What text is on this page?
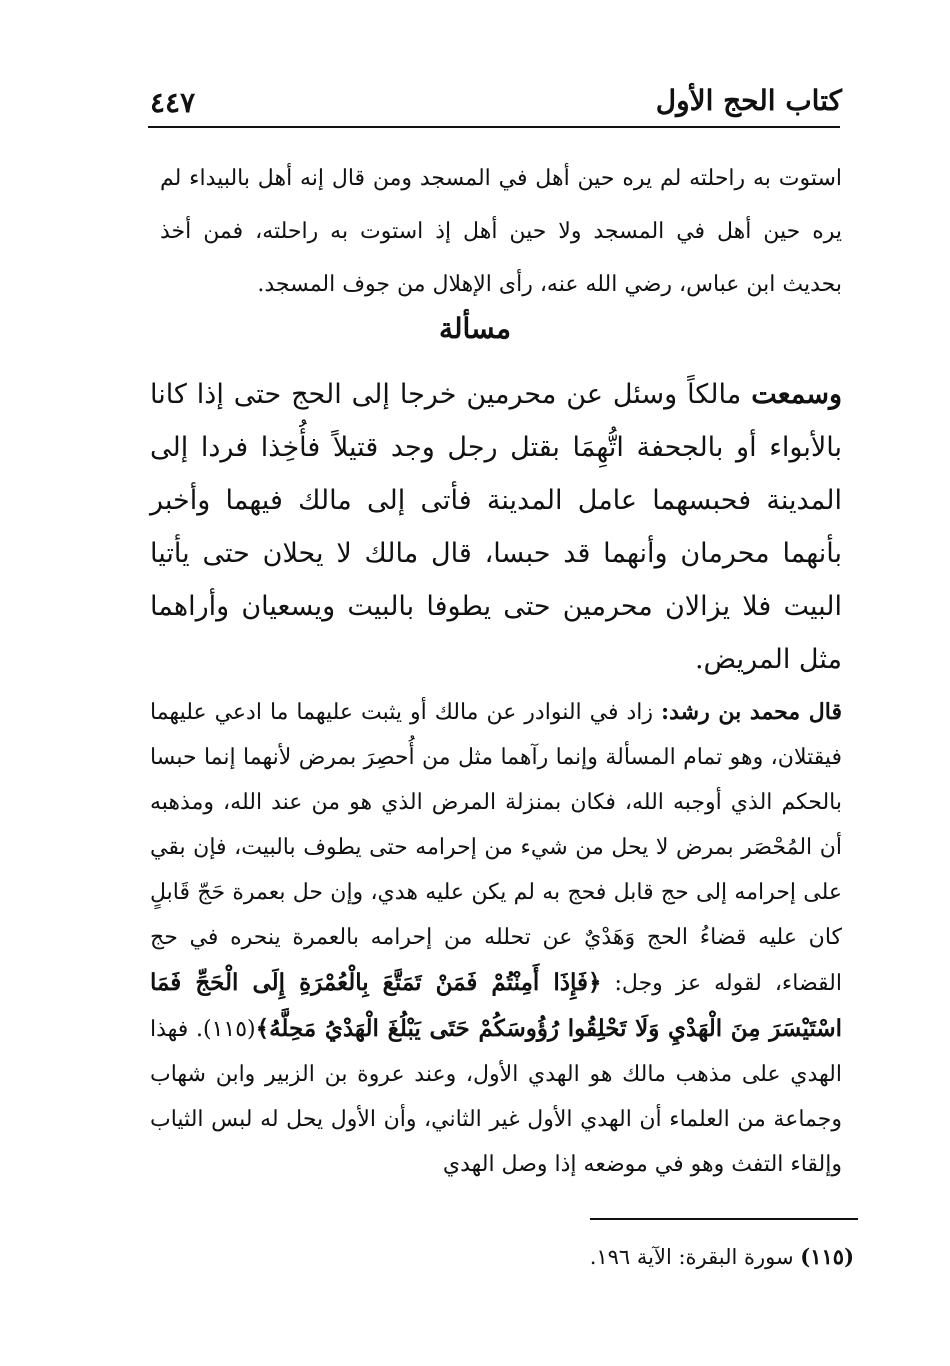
كتاب الحج الأول
٤٤٧
استوت به راحلته لم يره حين أهل في المسجد ومن قال إنه أهل بالبيداء لم يره حين أهل في المسجد ولا حين أهل إذ استوت به راحلته، فمن أخذ بحديث ابن عباس، رضي الله عنه، رأى الإهلال من جوف المسجد.
مسألة
وسمعت مالكاً وسئل عن محرمين خرجا إلى الحج حتى إذا كانا بالأبواء أو بالجحفة اتُّهِمَا بقتل رجل وجد قتيلاً فأُخِذا فردا إلى المدينة فحبسهما عامل المدينة فأتى إلى مالك فيهما وأخبر بأنهما محرمان وأنهما قد حبسا، قال مالك لا يحلان حتى يأتيا البيت فلا يزالان محرمين حتى يطوفا بالبيت ويسعيان وأراهما مثل المريض.
قال محمد بن رشد: زاد في النوادر عن مالك أو يثبت عليهما ما ادعي عليهما فيقتلان، وهو تمام المسألة وإنما رآهما مثل من أُحصِرَ بمرض لأنهما إنما حبسا بالحكم الذي أوجبه الله، فكان بمنزلة المرض الذي هو من عند الله، ومذهبه أن المُحْصَر بمرض لا يحل من شيء من إحرامه حتى يطوف بالبيت، فإن بقي على إحرامه إلى حج قابل فحج به لم يكن عليه هدي، وإن حل بعمرة حَجّ قَابلٍ كان عليه قضاءُ الحج وَهَدْيٌ عن تحلله من إحرامه بالعمرة ينحره في حج القضاء، لقوله عز وجل: ﴿فَإِذَا أَمِنْتُمْ فَمَنْ تَمَتَّعَ بِالْعُمْرَةِ إِلَى الْحَجِّ فَمَا اسْتَيْسَرَ مِنَ الْهَدْيِ وَلَا تَحْلِقُوا رُؤُوسَكُمْ حَتَى يَبْلُغَ الْهَدْيُ مَحِلَّهُ﴾(١١٥). فهذا الهدي على مذهب مالك هو الهدي الأول، وعند عروة بن الزبير وابن شهاب وجماعة من العلماء أن الهدي الأول غير الثاني، وأن الأول يحل له لبس الثياب وإلقاء التفث وهو في موضعه إذا وصل الهدي
(١١٥) سورة البقرة: الآية ١٩٦.
